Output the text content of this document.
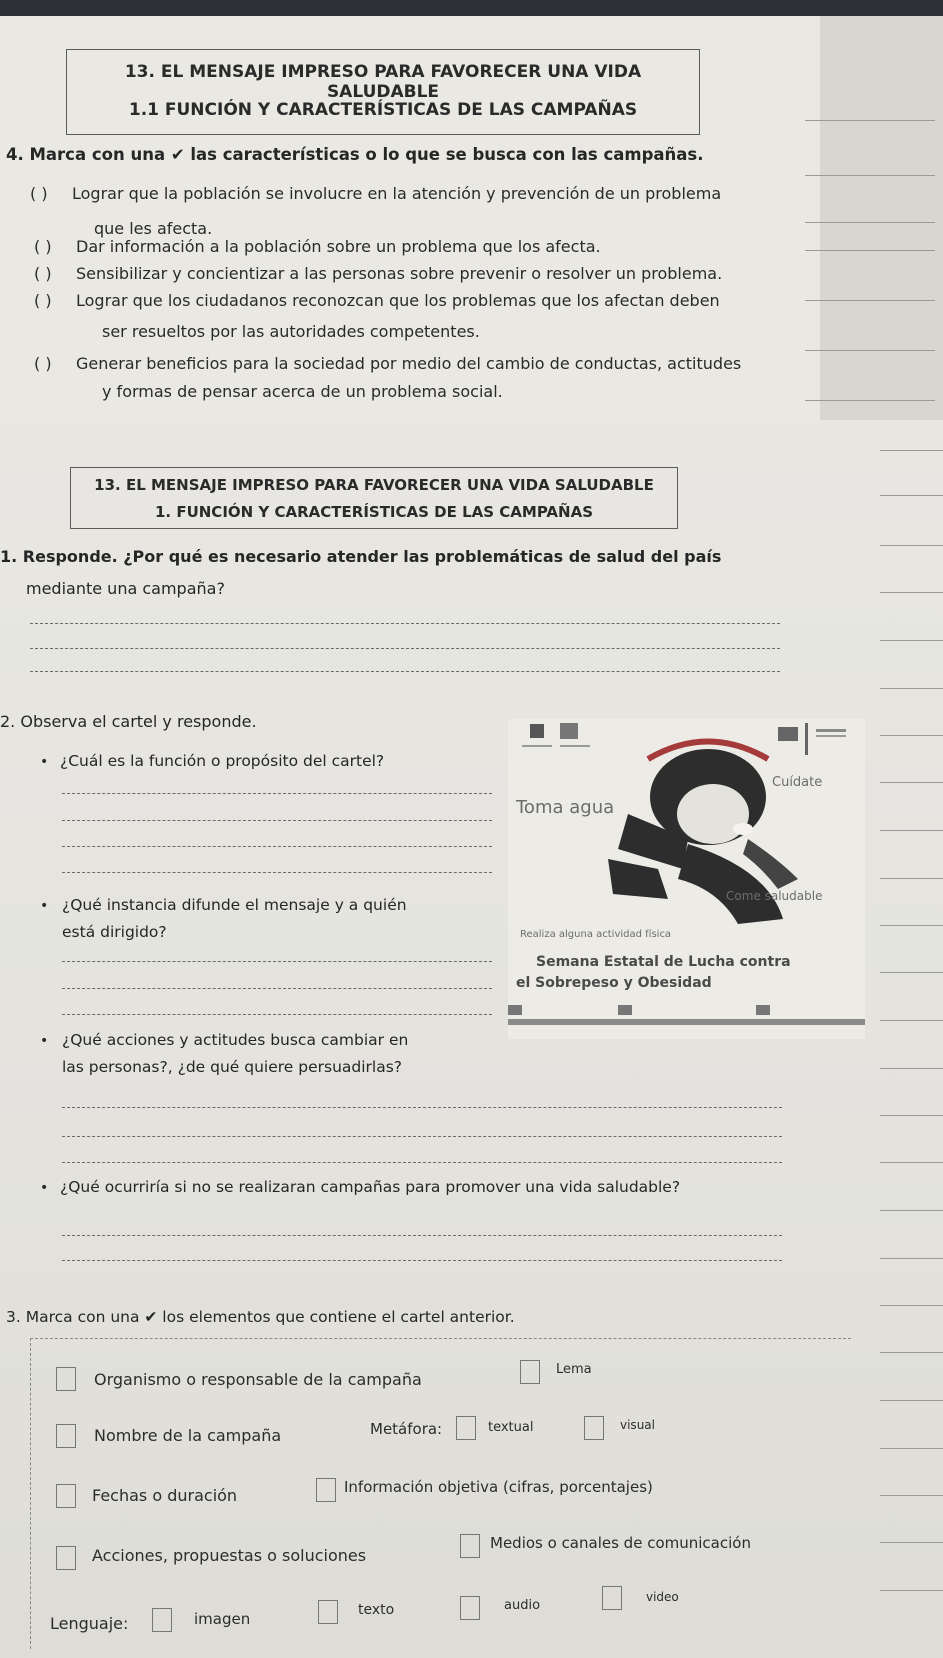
13. EL MENSAJE IMPRESO PARA FAVORECER UNA VIDA SALUDABLE
1.1 FUNCIÓN Y CARACTERÍSTICAS DE LAS CAMPAÑAS
4. Marca con una ✔ las características o lo que se busca con las campañas.
( ) Lograr que la población se involucre en la atención y prevención de un problema
que les afecta.
( ) Dar información a la población sobre un problema que los afecta.
( ) Sensibilizar y concientizar a las personas sobre prevenir o resolver un problema.
( ) Lograr que los ciudadanos reconozcan que los problemas que los afectan deben
ser resueltos por las autoridades competentes.
( ) Generar beneficios para la sociedad por medio del cambio de conductas, actitudes
y formas de pensar acerca de un problema social.
13. EL MENSAJE IMPRESO PARA FAVORECER UNA VIDA SALUDABLE
1. FUNCIÓN Y CARACTERÍSTICAS DE LAS CAMPAÑAS
1. Responde. ¿Por qué es necesario atender las problemáticas de salud del país
mediante una campaña?
2. Observa el cartel y responde.
• ¿Cuál es la función o propósito del cartel?
• ¿Qué instancia difunde el mensaje y a quién
está dirigido?
• ¿Qué acciones y actitudes busca cambiar en
las personas?, ¿de qué quiere persuadirlas?
• ¿Qué ocurriría si no se realizaran campañas para promover una vida saludable?
Cuídate
Toma agua
Come saludable
Realiza alguna actividad física
Semana Estatal de Lucha contra
el Sobrepeso y Obesidad
3. Marca con una ✔ los elementos que contiene el cartel anterior.
Organismo o responsable de la campaña
Lema
Nombre de la campaña	Metáfora:	textual	visual
Fechas o duración	Información objetiva (cifras, porcentajes)
Acciones, propuestas o soluciones
Medios o canales de comunicación
Lenguaje:	imagen	texto	audio
video
